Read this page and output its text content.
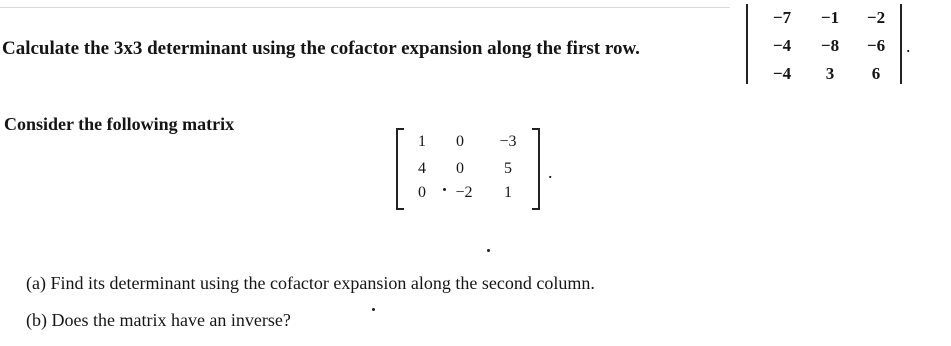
Calculate the 3x3 determinant using the cofactor expansion along the first row.
−7	−1	−2
−4	−8	−6
−4	3	6
.
Consider the following matrix
1	0	−3
4	0	5
0	−2	1
.
(a) Find its determinant using the cofactor expansion along the second column.
(b) Does the matrix have an inverse?
